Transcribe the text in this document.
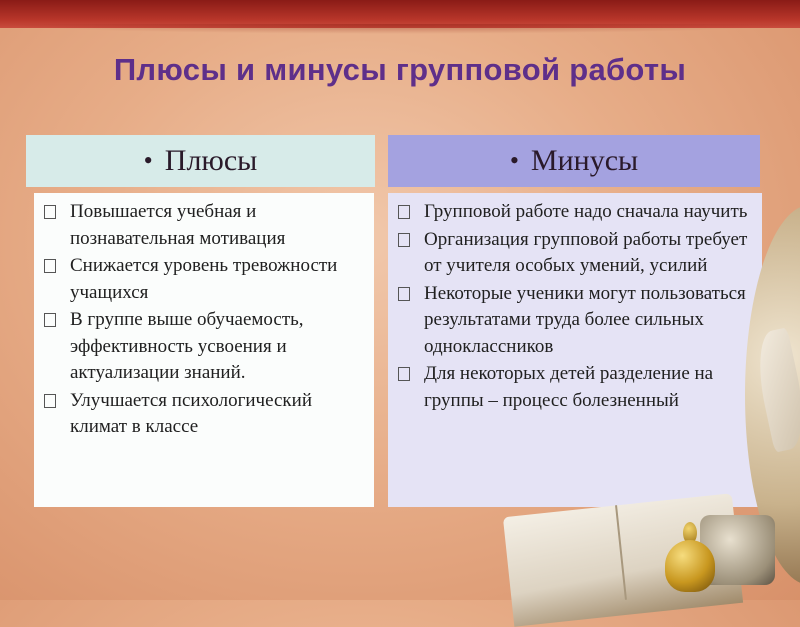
Плюсы и минусы групповой работы
• Плюсы	• Минусы
Повышается учебная и познавательная мотивация
Снижается уровень тревожности учащихся
В группе выше обучаемость, эффективность усвоения и актуализации знаний.
Улучшается психологический климат в классе
Групповой работе надо сначала научить
Организация групповой работы требует от учителя особых умений, усилий
Некоторые ученики могут пользоваться результатами труда более сильных одноклассников
Для некоторых детей разделение на группы – процесс болезненный
